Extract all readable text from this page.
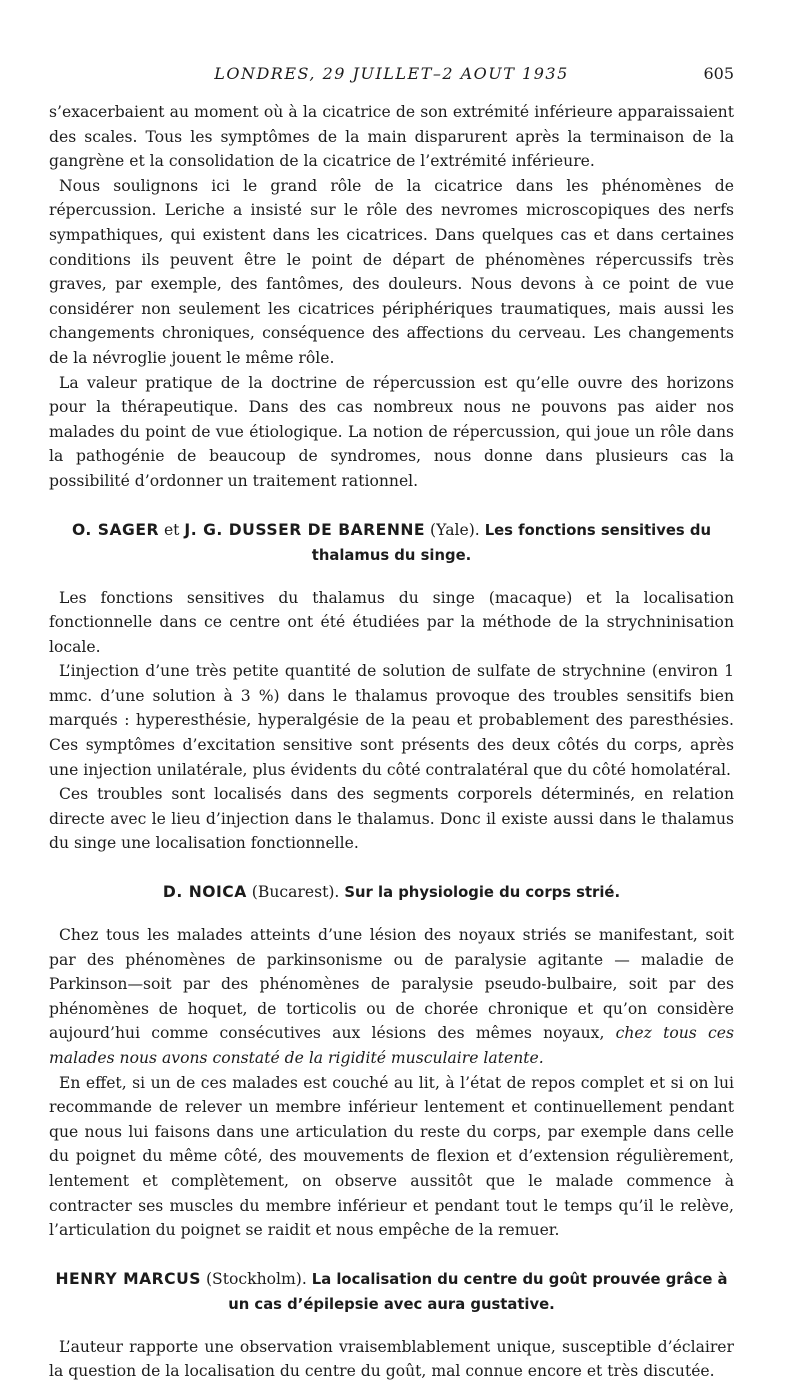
LONDRES, 29 JUILLET–2 AOUT 1935	605

s’exacerbaient au moment où à la cicatrice de son extrémité inférieure apparaissaient des scales. Tous les symptômes de la main disparurent après la terminaison de la gangrène et la consolidation de la cicatrice de l’extrémité inférieure.

Nous soulignons ici le grand rôle de la cicatrice dans les phénomènes de répercussion. Leriche a insisté sur le rôle des nevromes microscopiques des nerfs sympathiques, qui existent dans les cicatrices. Dans quelques cas et dans certaines conditions ils peuvent être le point de départ de phénomènes répercussifs très graves, par exemple, des fantômes, des douleurs. Nous devons à ce point de vue considérer non seulement les cicatrices périphériques traumatiques, mais aussi les changements chroniques, conséquence des affections du cerveau. Les changements de la névroglie jouent le même rôle.

La valeur pratique de la doctrine de répercussion est qu’elle ouvre des horizons pour la thérapeutique. Dans des cas nombreux nous ne pouvons pas aider nos malades du point de vue étiologique. La notion de répercussion, qui joue un rôle dans la pathogénie de beaucoup de syndromes, nous donne dans plusieurs cas la possibilité d’ordonner un traitement rationnel.

O. SAGER et J. G. DUSSER DE BARENNE (Yale). Les fonctions sensitives du thalamus du singe.

Les fonctions sensitives du thalamus du singe (macaque) et la localisation fonctionnelle dans ce centre ont été étudiées par la méthode de la strychninisation locale.

L’injection d’une très petite quantité de solution de sulfate de strychnine (environ 1 mmc. d’une solution à 3 %) dans le thalamus provoque des troubles sensitifs bien marqués : hyperesthésie, hyperalgésie de la peau et probablement des paresthésies. Ces symptômes d’excitation sensitive sont présents des deux côtés du corps, après une injection unilatérale, plus évidents du côté contralatéral que du côté homolatéral.

Ces troubles sont localisés dans des segments corporels déterminés, en relation directe avec le lieu d’injection dans le thalamus. Donc il existe aussi dans le thalamus du singe une localisation fonctionnelle.

D. NOICA (Bucarest). Sur la physiologie du corps strié.

Chez tous les malades atteints d’une lésion des noyaux striés se manifestant, soit par des phénomènes de parkinsonisme ou de paralysie agitante — maladie de Parkinson—soit par des phénomènes de paralysie pseudo-bulbaire, soit par des phénomènes de hoquet, de torticolis ou de chorée chronique et qu’on considère aujourd’hui comme consécutives aux lésions des mêmes noyaux, chez tous ces malades nous avons constaté de la rigidité musculaire latente.

En effet, si un de ces malades est couché au lit, à l’état de repos complet et si on lui recommande de relever un membre inférieur lentement et continuellement pendant que nous lui faisons dans une articulation du reste du corps, par exemple dans celle du poignet du même côté, des mouvements de flexion et d’extension régulièrement, lentement et complètement, on observe aussitôt que le malade commence à contracter ses muscles du membre inférieur et pendant tout le temps qu’il le relève, l’articulation du poignet se raidit et nous empêche de la remuer.

HENRY MARCUS (Stockholm). La localisation du centre du goût prouvée grâce à un cas d’épilepsie avec aura gustative.

L’auteur rapporte une observation vraisemblablement unique, susceptible d’éclairer la question de la localisation du centre du goût, mal connue encore et très discutée.
